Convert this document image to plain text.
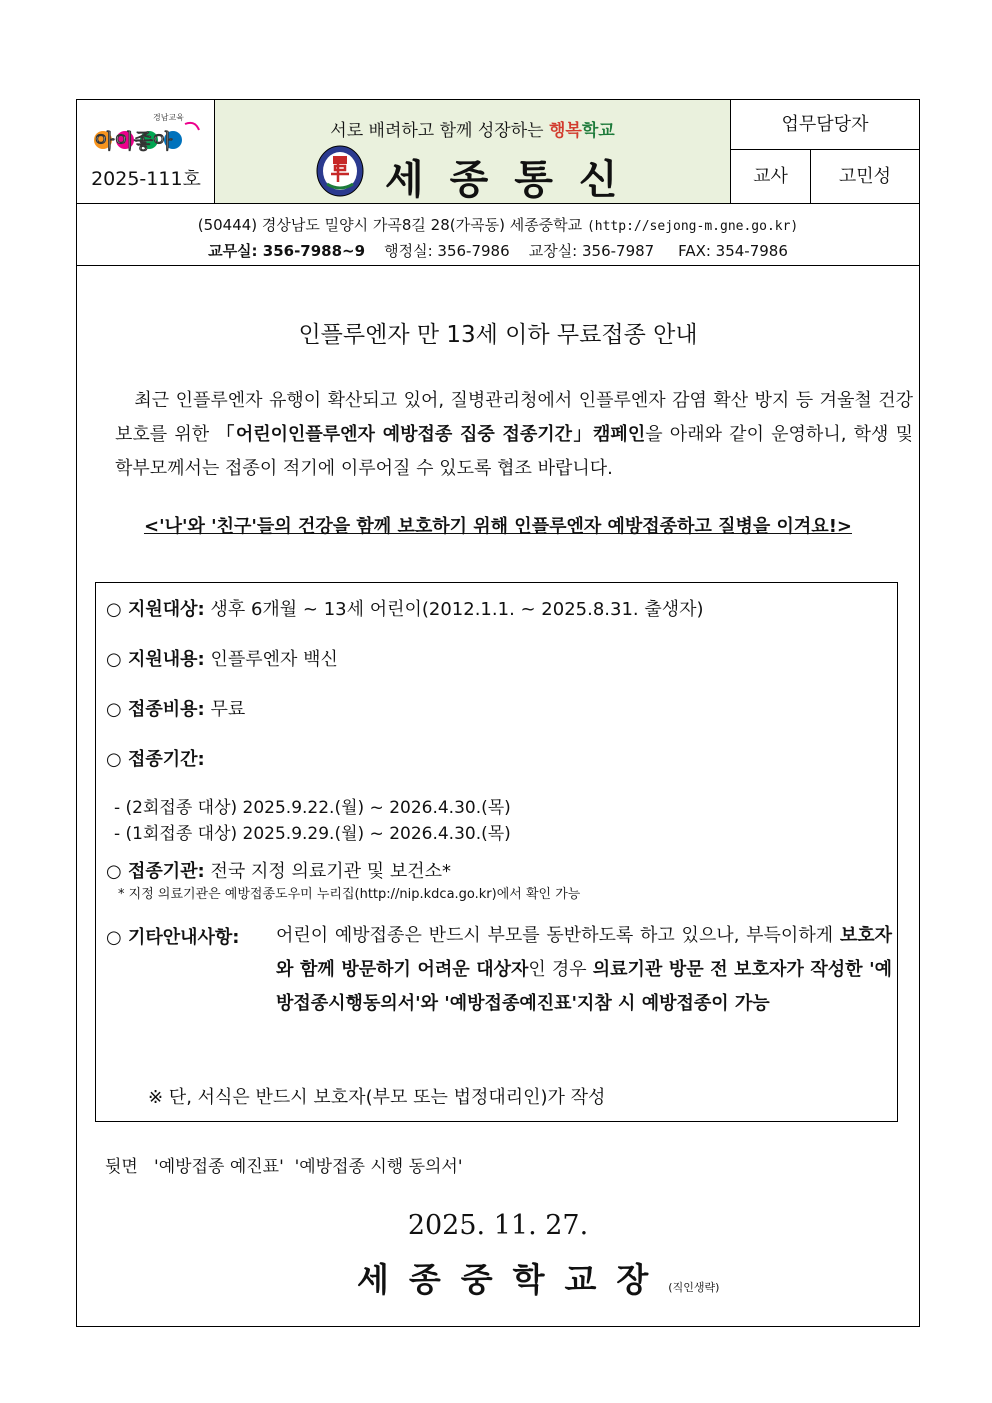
경남교육
아이좋아
2025-111호
서로 배려하고 함께 성장하는 행복학교
세종통신
업무담당자
교사	고민성
(50444) 경상남도 밀양시 가곡8길 28(가곡동) 세종중학교 (http://sejong-m.gne.go.kr)
교무실: 356-7988~9    행정실: 356-7986    교장실: 356-7987     FAX: 354-7986
인플루엔자 만 13세 이하 무료접종 안내
최근 인플루엔자 유행이 확산되고 있어, 질병관리청에서 인플루엔자 감염 확산 방지 등 겨울철 건강 보호를 위한 「어린이인플루엔자 예방접종 집중 접종기간」캠페인을 아래와 같이 운영하니, 학생 및 학부모께서는 접종이 적기에 이루어질 수 있도록 협조 바랍니다.
<'나'와 '친구'들의 건강을 함께 보호하기 위해 인플루엔자 예방접종하고 질병을 이겨요!>
○ 지원대상: 생후 6개월 ~ 13세 어린이(2012.1.1. ~ 2025.8.31. 출생자)
○ 지원내용: 인플루엔자 백신
○ 접종비용: 무료
○ 접종기간:
- (2회접종 대상) 2025.9.22.(월) ~ 2026.4.30.(목)
- (1회접종 대상) 2025.9.29.(월) ~ 2026.4.30.(목)
○ 접종기관: 전국 지정 의료기관 및 보건소*
* 지정 의료기관은 예방접종도우미 누리집(http://nip.kdca.go.kr)에서 확인 가능
○ 기타안내사항: 어린이 예방접종은 반드시 부모를 동반하도록 하고 있으나, 부득이하게 보호자와 함께 방문하기 어려운 대상자인 경우 의료기관 방문 전 보호자가 작성한 '예방접종시행동의서'와 '예방접종예진표'지참 시 예방접종이 가능
※ 단, 서식은 반드시 보호자(부모 또는 법정대리인)가 작성
뒷면   '예방접종 예진표'  '예방접종 시행 동의서'
2025. 11. 27.
세종중학교장(직인생략)
